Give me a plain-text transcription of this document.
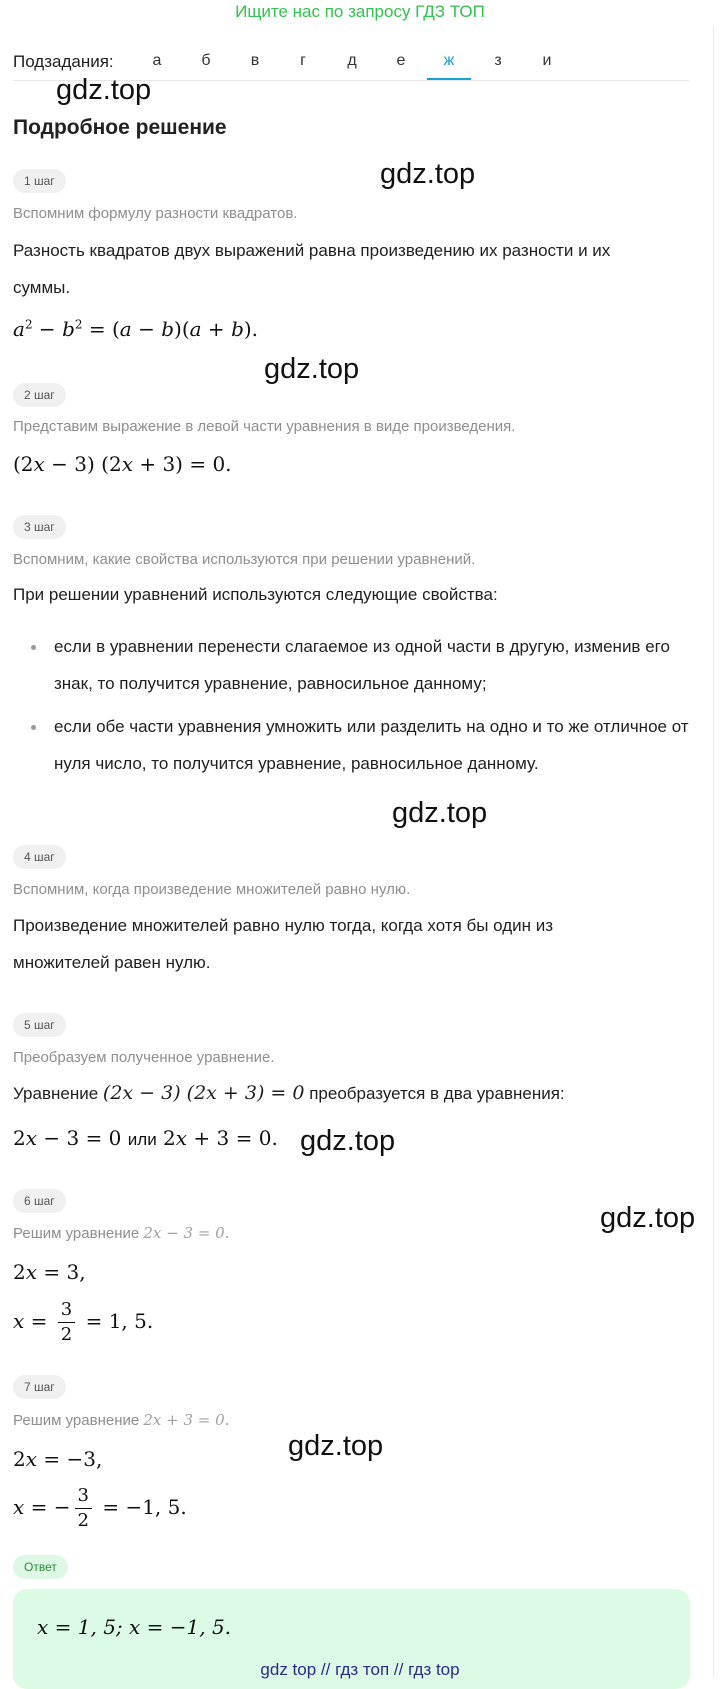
Ищите нас по запросу ГДЗ ТОП
Подзадания:	а	б	в	г	д	е	ж	з	и
gdz.top
gdz.top
gdz.top
gdz.top
gdz.top
gdz.top
gdz.top
Подробное решение
1 шаг
Вспомним формулу разности квадратов.
Разность квадратов двух выражений равна произведению их разности и их
суммы.
$a^2 - b^2 = (a - b)(a + b)$.
2 шаг
Представим выражение в левой части уравнения в виде произведения.
(2x − 3) (2x + 3) = 0.
3 шаг
Вспомним, какие свойства используются при решении уравнений.
При решении уравнений используются следующие свойства:
если в уравнении перенести слагаемое из одной части в другую, изменив его знак, то получится уравнение, равносильное данному;
если обе части уравнения умножить или разделить на одно и то же отличное от нуля число, то получится уравнение, равносильное данному.
4 шаг
Вспомним, когда произведение множителей равно нулю.
Произведение множителей равно нулю тогда, когда хотя бы один из
множителей равен нулю.
5 шаг
Преобразуем полученное уравнение.
Уравнение (2x − 3) (2x + 3) = 0 преобразуется в два уравнения:
2x − 3 = 0 или 2x + 3 = 0.
6 шаг
Решим уравнение 2x − 3 = 0.
2x = 3,
$x = \frac{3}{2} = 1$, 5.
7 шаг
Решим уравнение 2x + 3 = 0.
2x = −3,
x = − $\frac{3}{2} = -1$, 5.
Ответ
x = 1, 5; x = −1, 5.
gdz top // гдз топ // гдз top
